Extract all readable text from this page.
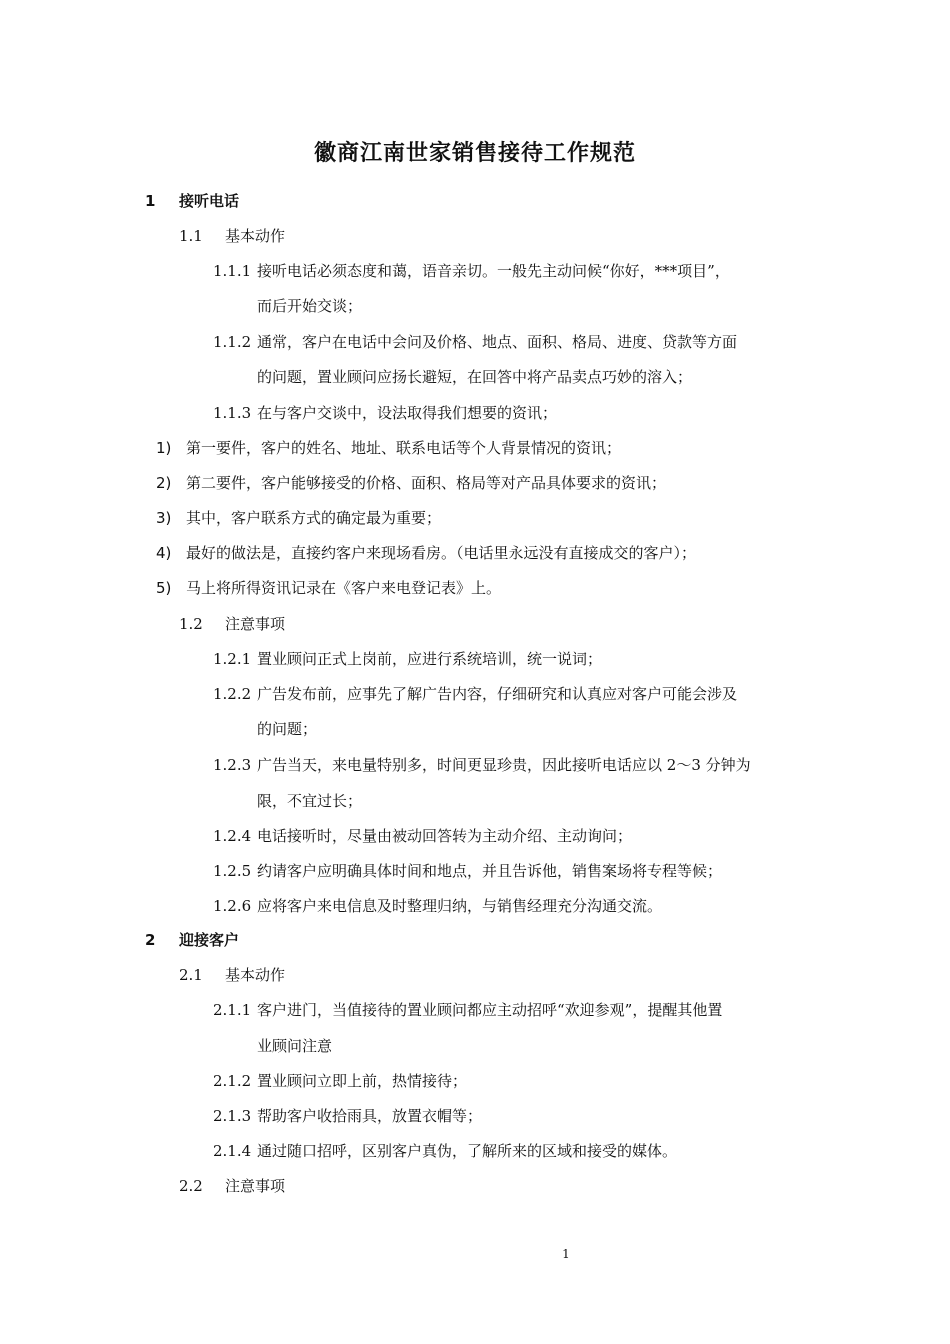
徽商江南世家销售接待工作规范
1 接听电话
1.1 基本动作
1.1.1 接听电话必须态度和蔼，语音亲切。一般先主动问候“你好，***项目”，
而后开始交谈；
1.1.2 通常，客户在电话中会问及价格、地点、面积、格局、进度、贷款等方面
的问题，置业顾问应扬长避短，在回答中将产品卖点巧妙的溶入；
1.1.3 在与客户交谈中，设法取得我们想要的资讯；
1) 第一要件，客户的姓名、地址、联系电话等个人背景情况的资讯；
2) 第二要件，客户能够接受的价格、面积、格局等对产品具体要求的资讯；
3) 其中，客户联系方式的确定最为重要；
4) 最好的做法是，直接约客户来现场看房。（电话里永远没有直接成交的客户）；
5) 马上将所得资讯记录在《客户来电登记表》上。
1.2 注意事项
1.2.1 置业顾问正式上岗前，应进行系统培训，统一说词；
1.2.2 广告发布前，应事先了解广告内容，仔细研究和认真应对客户可能会涉及
的问题；
1.2.3 广告当天，来电量特别多，时间更显珍贵，因此接听电话应以 2～3 分钟为
限，不宜过长；
1.2.4 电话接听时，尽量由被动回答转为主动介绍、主动询问；
1.2.5 约请客户应明确具体时间和地点，并且告诉他，销售案场将专程等候；
1.2.6 应将客户来电信息及时整理归纳，与销售经理充分沟通交流。
2 迎接客户
2.1 基本动作
2.1.1 客户进门，当值接待的置业顾问都应主动招呼“欢迎参观”，提醒其他置
业顾问注意
2.1.2 置业顾问立即上前，热情接待；
2.1.3 帮助客户收拾雨具，放置衣帽等；
2.1.4 通过随口招呼，区别客户真伪，了解所来的区域和接受的媒体。
2.2 注意事项
1
